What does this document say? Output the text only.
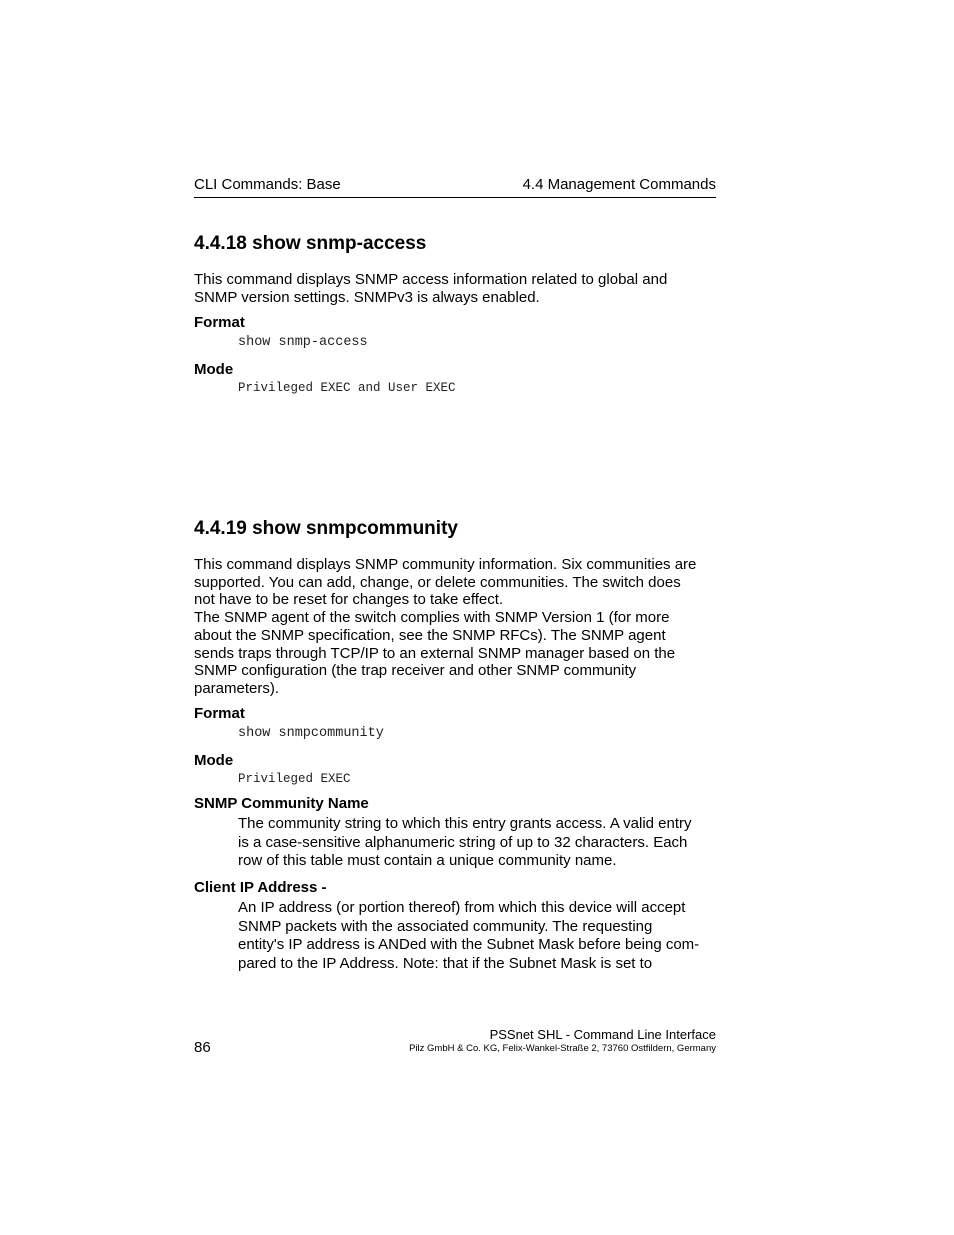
CLI Commands: Base	4.4 Management Commands
4.4.18 show snmp-access

This command displays SNMP access information related to global and

SNMP version settings. SNMPv3 is always enabled.

Format

show snmp-access

Mode

Privileged EXEC and User EXEC

4.4.19 show snmpcommunity

This command displays SNMP community information. Six communities are

supported. You can add, change, or delete communities. The switch does

not have to be reset for changes to take effect.

The SNMP agent of the switch complies with SNMP Version 1 (for more

about the SNMP specification, see the SNMP RFCs). The SNMP agent

sends traps through TCP/IP to an external SNMP manager based on the

SNMP configuration (the trap receiver and other SNMP community

parameters).

Format

show snmpcommunity

Mode

Privileged EXEC

SNMP Community Name

The community string to which this entry grants access. A valid entry

is a case-sensitive alphanumeric string of up to 32 characters. Each

row of this table must contain a unique community name.

Client IP Address -

An IP address (or portion thereof) from which this device will accept

SNMP packets with the associated community. The requesting

entity's IP address is ANDed with the Subnet Mask before being com-

pared to the IP Address. Note: that if the Subnet Mask is set to

86
PSSnet SHL - Command Line Interface
Pilz GmbH & Co. KG, Felix-Wankel-Straße 2, 73760 Ostfildern, Germany
